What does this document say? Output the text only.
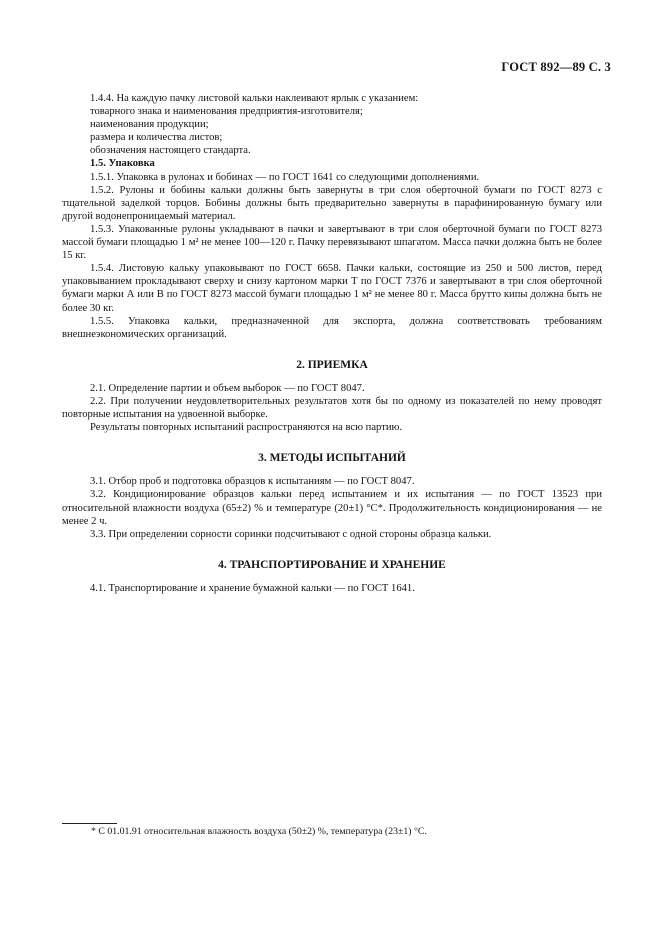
ГОСТ 892—89 С. 3

1.4.4. На каждую пачку листовой кальки наклеивают ярлык с указанием:

товарного знака и наименования предприятия-изготовителя;

наименования продукции;

размера и количества листов;

обозначения настоящего стандарта.

1.5. Упаковка

1.5.1. Упаковка в рулонах и бобинах — по ГОСТ 1641 со следующими дополнениями.

1.5.2. Рулоны и бобины кальки должны быть завернуты в три слоя оберточной бумаги по ГОСТ 8273 с тщательной заделкой торцов. Бобины должны быть предварительно завернуты в парафинированную бумагу или другой водонепроницаемый материал.

1.5.3. Упакованные рулоны укладывают в пачки и завертывают в три слоя оберточной бумаги по ГОСТ 8273 массой бумаги площадью 1 м² не менее 100—120 г. Пачку перевязывают шпагатом. Масса пачки должна быть не более 15 кг.

1.5.4. Листовую кальку упаковывают по ГОСТ 6658. Пачки кальки, состоящие из 250 и 500 листов, перед упаковыванием прокладывают сверху и снизу картоном марки Т по ГОСТ 7376 и завертывают в три слоя оберточной бумаги марки А или В по ГОСТ 8273 массой бумаги площадью 1 м² не менее 80 г. Масса брутто кипы должна быть не более 30 кг.

1.5.5. Упаковка кальки, предназначенной для экспорта, должна соответствовать требованиям внешнеэкономических организаций.

2. ПРИЕМКА

2.1. Определение партии и объем выборок — по ГОСТ 8047.

2.2. При получении неудовлетворительных результатов хотя бы по одному из показателей по нему проводят повторные испытания на удвоенной выборке.

Результаты повторных испытаний распространяются на всю партию.

3. МЕТОДЫ ИСПЫТАНИЙ

3.1. Отбор проб и подготовка образцов к испытаниям — по ГОСТ 8047.

3.2. Кондиционирование образцов кальки перед испытанием и их испытания — по ГОСТ 13523 при относительной влажности воздуха (65±2) % и температуре (20±1) °С*. Продолжительность кондиционирования — не менее 2 ч.

3.3. При определении сорности соринки подсчитывают с одной стороны образца кальки.

4. ТРАНСПОРТИРОВАНИЕ И ХРАНЕНИЕ

4.1. Транспортирование и хранение бумажной кальки — по ГОСТ 1641.

* С 01.01.91 относительная влажность воздуха (50±2) %, температура (23±1) °С.
